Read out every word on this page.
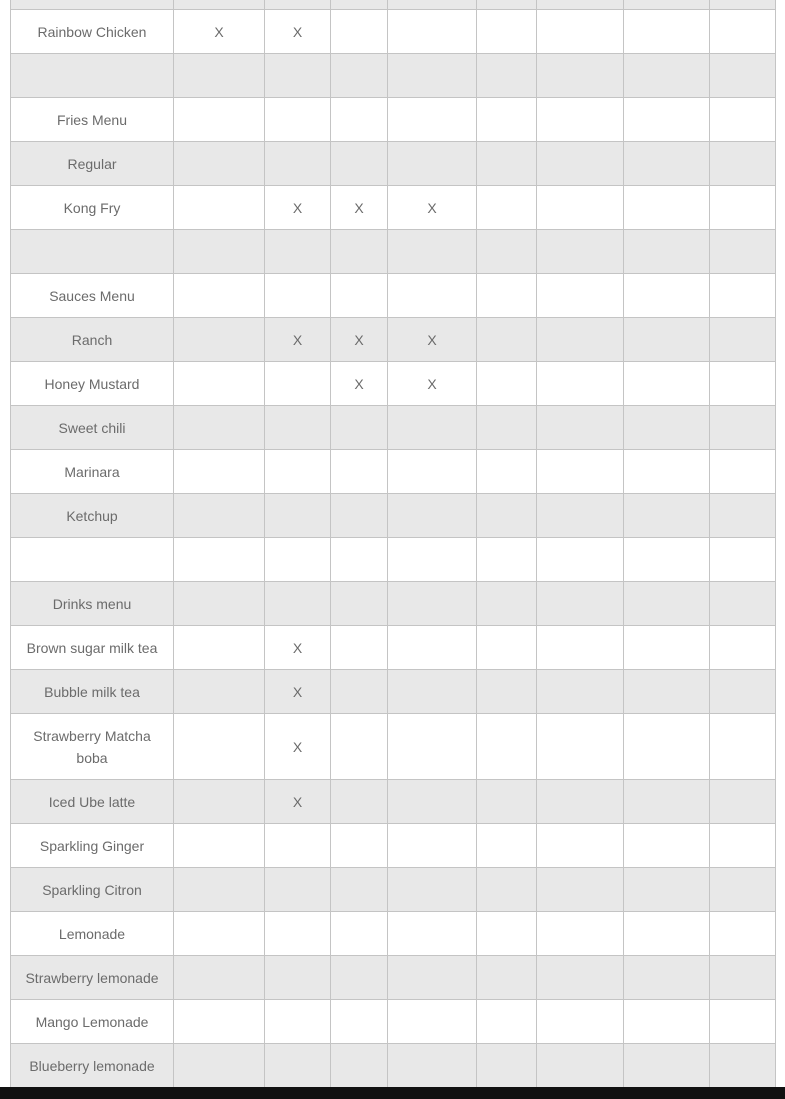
Rainbow Chicken	X	X						

Fries Menu								
Regular								
Kong Fry		X	X	X				

Sauces Menu								
Ranch		X	X	X				
Honey Mustard			X	X				
Sweet chili								
Marinara								
Ketchup								

Drinks menu								
Brown sugar milk tea		X						
Bubble milk tea		X						
Strawberry Matcha boba		X						
Iced Ube latte		X						
Sparkling Ginger								
Sparkling Citron								
Lemonade								
Strawberry lemonade								
Mango Lemonade								
Blueberry lemonade								
